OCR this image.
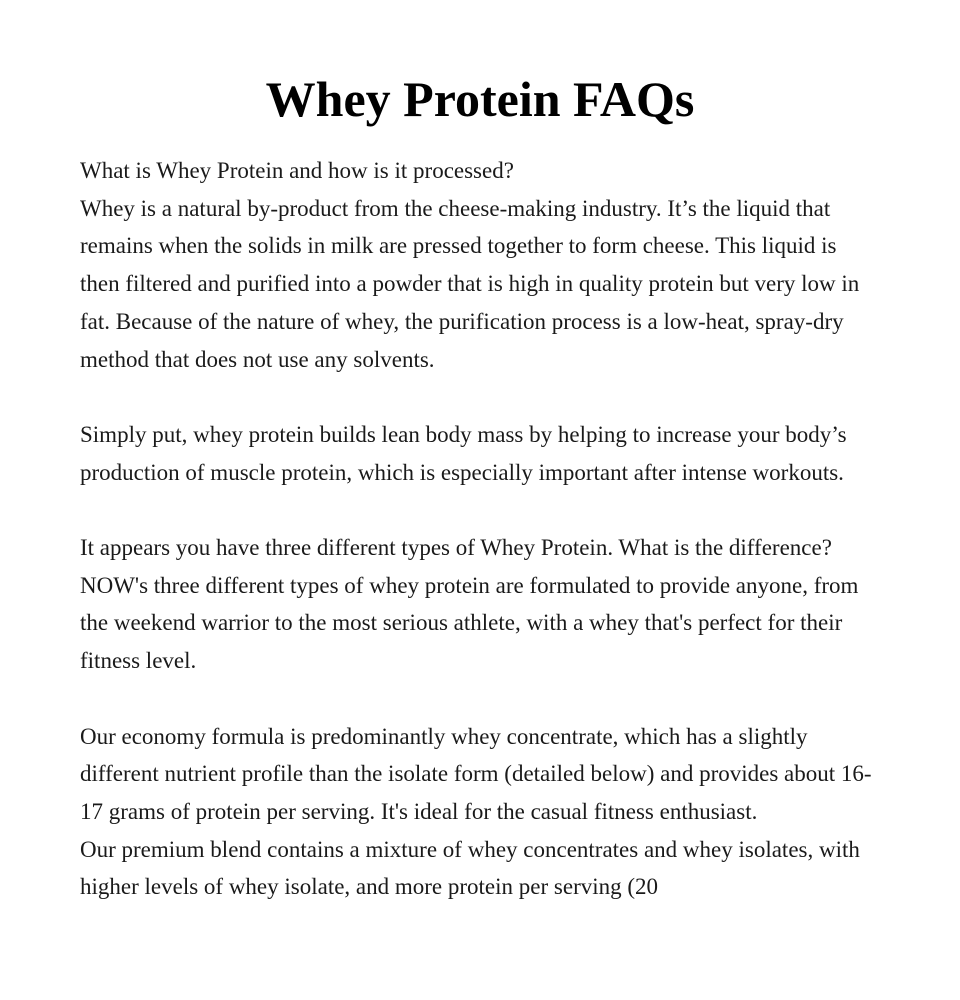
Whey Protein FAQs

What is Whey Protein and how is it processed?

Whey is a natural by-product from the cheese-making industry. It’s the liquid that remains when the solids in milk are pressed together to form cheese. This liquid is then filtered and purified into a powder that is high in quality protein but very low in fat. Because of the nature of whey, the purification process is a low-heat, spray-dry method that does not use any solvents.

Simply put, whey protein builds lean body mass by helping to increase your body’s production of muscle protein, which is especially important after intense workouts.

It appears you have three different types of Whey Protein. What is the difference?

NOW's three different types of whey protein are formulated to provide anyone, from the weekend warrior to the most serious athlete, with a whey that's perfect for their fitness level.

Our economy formula is predominantly whey concentrate, which has a slightly different nutrient profile than the isolate form (detailed below) and provides about 16-17 grams of protein per serving. It's ideal for the casual fitness enthusiast.

Our premium blend contains a mixture of whey concentrates and whey isolates, with higher levels of whey isolate, and more protein per serving (20
